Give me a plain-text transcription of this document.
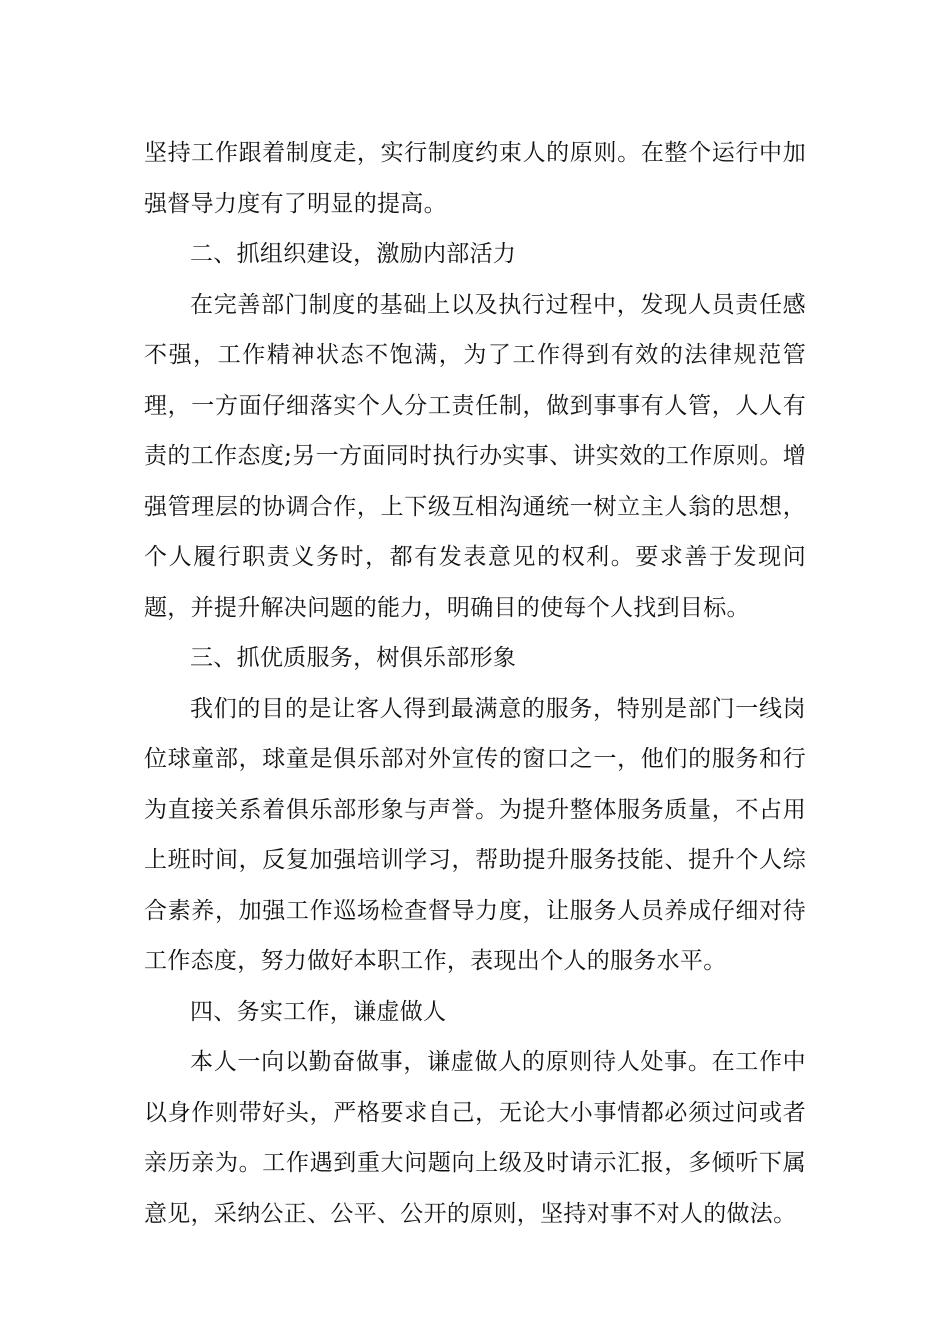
坚持工作跟着制度走，实行制度约束人的原则。在整个运行中加强督导力度有了明显的提高。

二、抓组织建设，激励内部活力

在完善部门制度的基础上以及执行过程中，发现人员责任感不强，工作精神状态不饱满，为了工作得到有效的法律规范管理，一方面仔细落实个人分工责任制，做到事事有人管，人人有责的工作态度;另一方面同时执行办实事、讲实效的工作原则。增强管理层的协调合作，上下级互相沟通统一树立主人翁的思想，个人履行职责义务时，都有发表意见的权利。要求善于发现问题，并提升解决问题的能力，明确目的使每个人找到目标。

三、抓优质服务，树俱乐部形象

我们的目的是让客人得到最满意的服务，特别是部门一线岗位球童部，球童是俱乐部对外宣传的窗口之一，他们的服务和行为直接关系着俱乐部形象与声誉。为提升整体服务质量，不占用上班时间，反复加强培训学习，帮助提升服务技能、提升个人综合素养，加强工作巡场检查督导力度，让服务人员养成仔细对待工作态度，努力做好本职工作，表现出个人的服务水平。

四、务实工作，谦虚做人

本人一向以勤奋做事，谦虚做人的原则待人处事。在工作中以身作则带好头，严格要求自己，无论大小事情都必须过问或者亲历亲为。工作遇到重大问题向上级及时请示汇报，多倾听下属意见，采纳公正、公平、公开的原则，坚持对事不对人的做法。
